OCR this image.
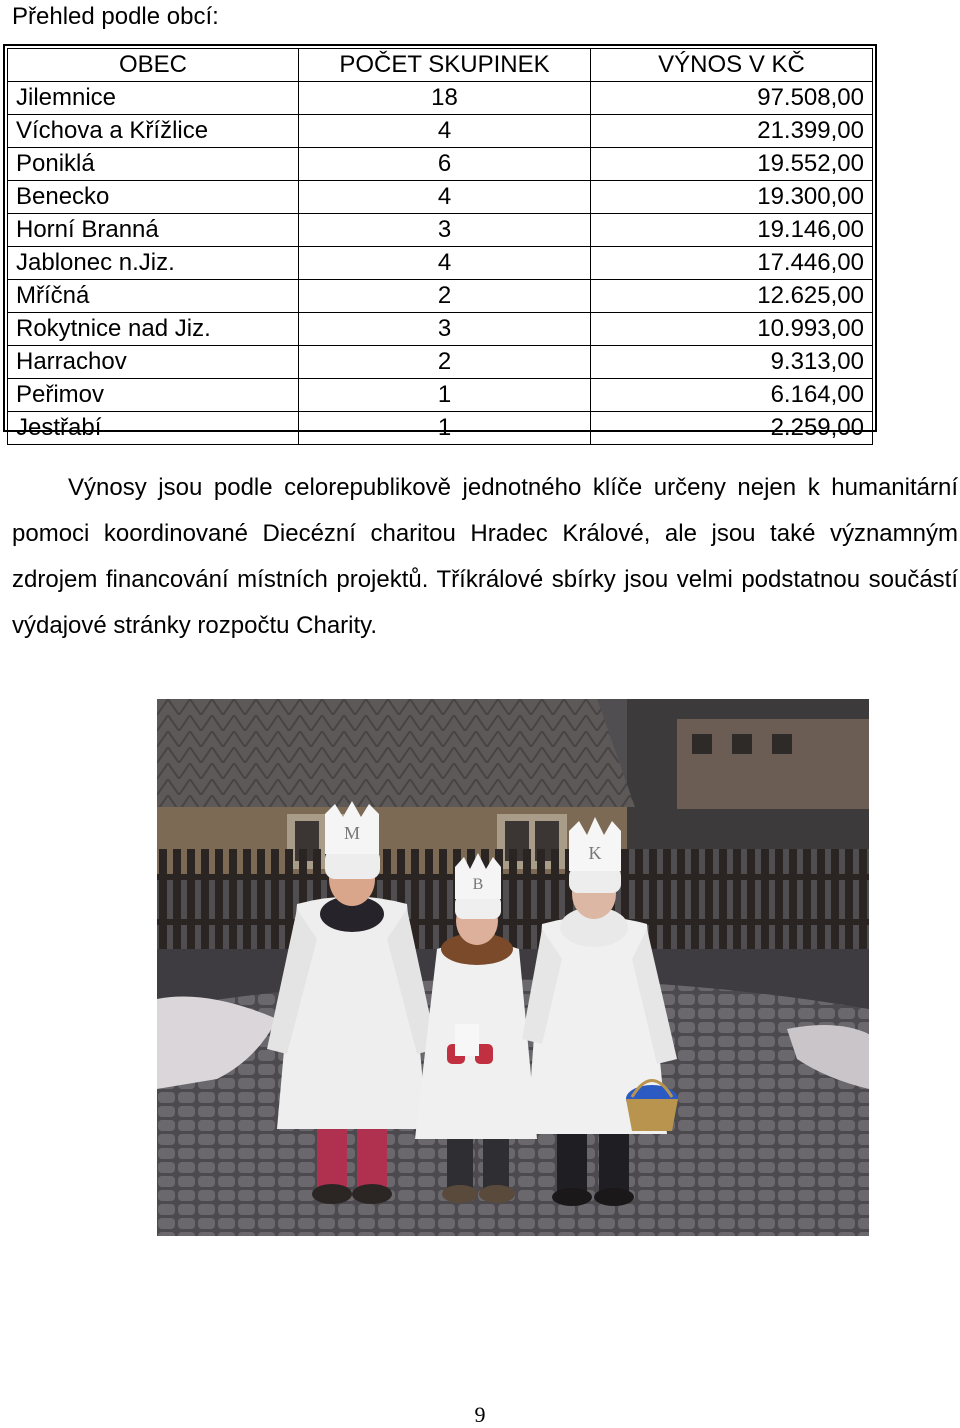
Přehled podle obcí:
OBEC	POČET SKUPINEK	VÝNOS V KČ
Jilemnice	18	97.508,00
Víchova a Křížlice	4	21.399,00
Poniklá	6	19.552,00
Benecko	4	19.300,00
Horní Branná	3	19.146,00
Jablonec n.Jiz.	4	17.446,00
Mříčná	2	12.625,00
Rokytnice nad Jiz.	3	10.993,00
Harrachov	2	9.313,00
Peřimov	1	6.164,00
Jestřabí	1	2.259,00

Výnosy jsou podle celorepublikově jednotného klíče určeny nejen k humanitární pomoci koordinované Diecézní charitou Hradec Králové, ale jsou také významným zdrojem financování místních projektů. Tříkrálové sbírky jsou velmi podstatnou součástí výdajové stránky rozpočtu Charity.

M
B
K
9
